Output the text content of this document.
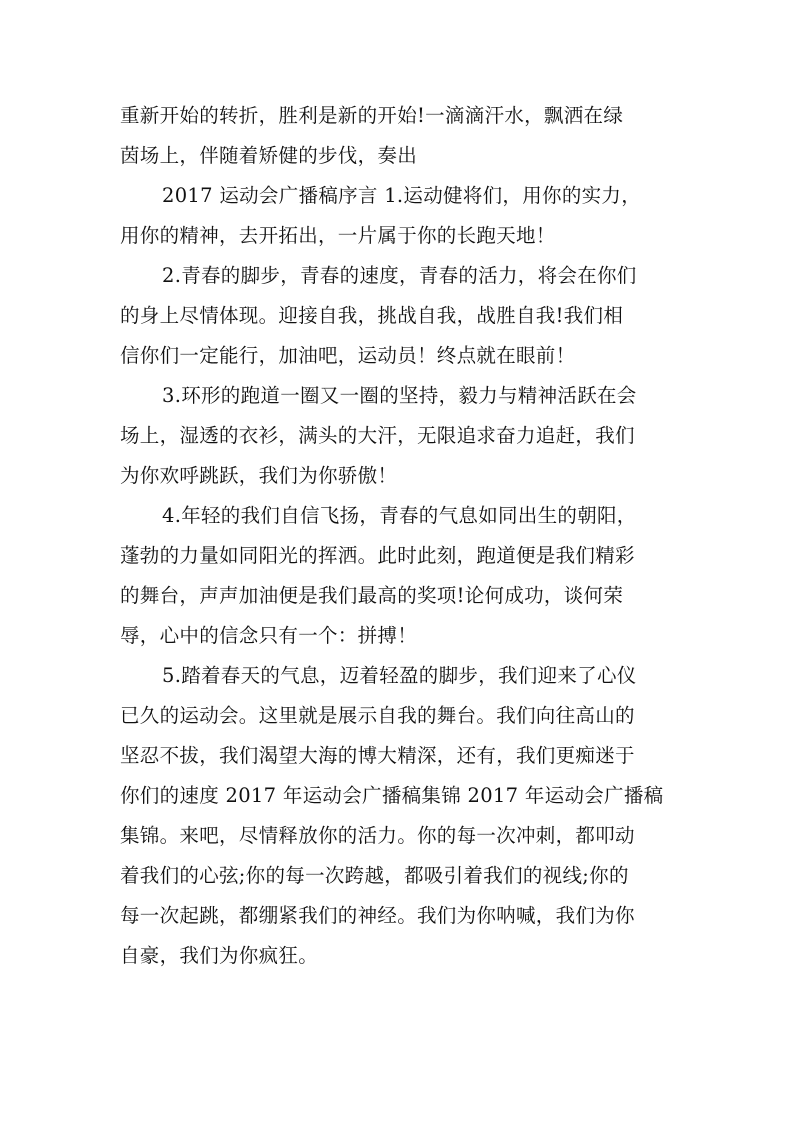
重新开始的转折，胜利是新的开始!一滴滴汗水，飘洒在绿
茵场上，伴随着矫健的步伐，奏出
2017 运动会广播稿序言 1.运动健将们，用你的实力，
用你的精神，去开拓出，一片属于你的长跑天地！
2.青春的脚步，青春的速度，青春的活力，将会在你们
的身上尽情体现。迎接自我，挑战自我，战胜自我!我们相
信你们一定能行，加油吧，运动员！终点就在眼前！
3.环形的跑道一圈又一圈的坚持，毅力与精神活跃在会
场上，湿透的衣衫，满头的大汗，无限追求奋力追赶，我们
为你欢呼跳跃，我们为你骄傲！
4.年轻的我们自信飞扬，青春的气息如同出生的朝阳，
蓬勃的力量如同阳光的挥洒。此时此刻，跑道便是我们精彩
的舞台，声声加油便是我们最高的奖项!论何成功，谈何荣
辱，心中的信念只有一个：拼搏！
5.踏着春天的气息，迈着轻盈的脚步，我们迎来了心仪
已久的运动会。这里就是展示自我的舞台。我们向往高山的
坚忍不拔，我们渴望大海的博大精深，还有，我们更痴迷于
你们的速度 2017 年运动会广播稿集锦 2017 年运动会广播稿
集锦。来吧，尽情释放你的活力。你的每一次冲刺，都叩动
着我们的心弦;你的每一次跨越，都吸引着我们的视线;你的
每一次起跳，都绷紧我们的神经。我们为你呐喊，我们为你
自豪，我们为你疯狂。
